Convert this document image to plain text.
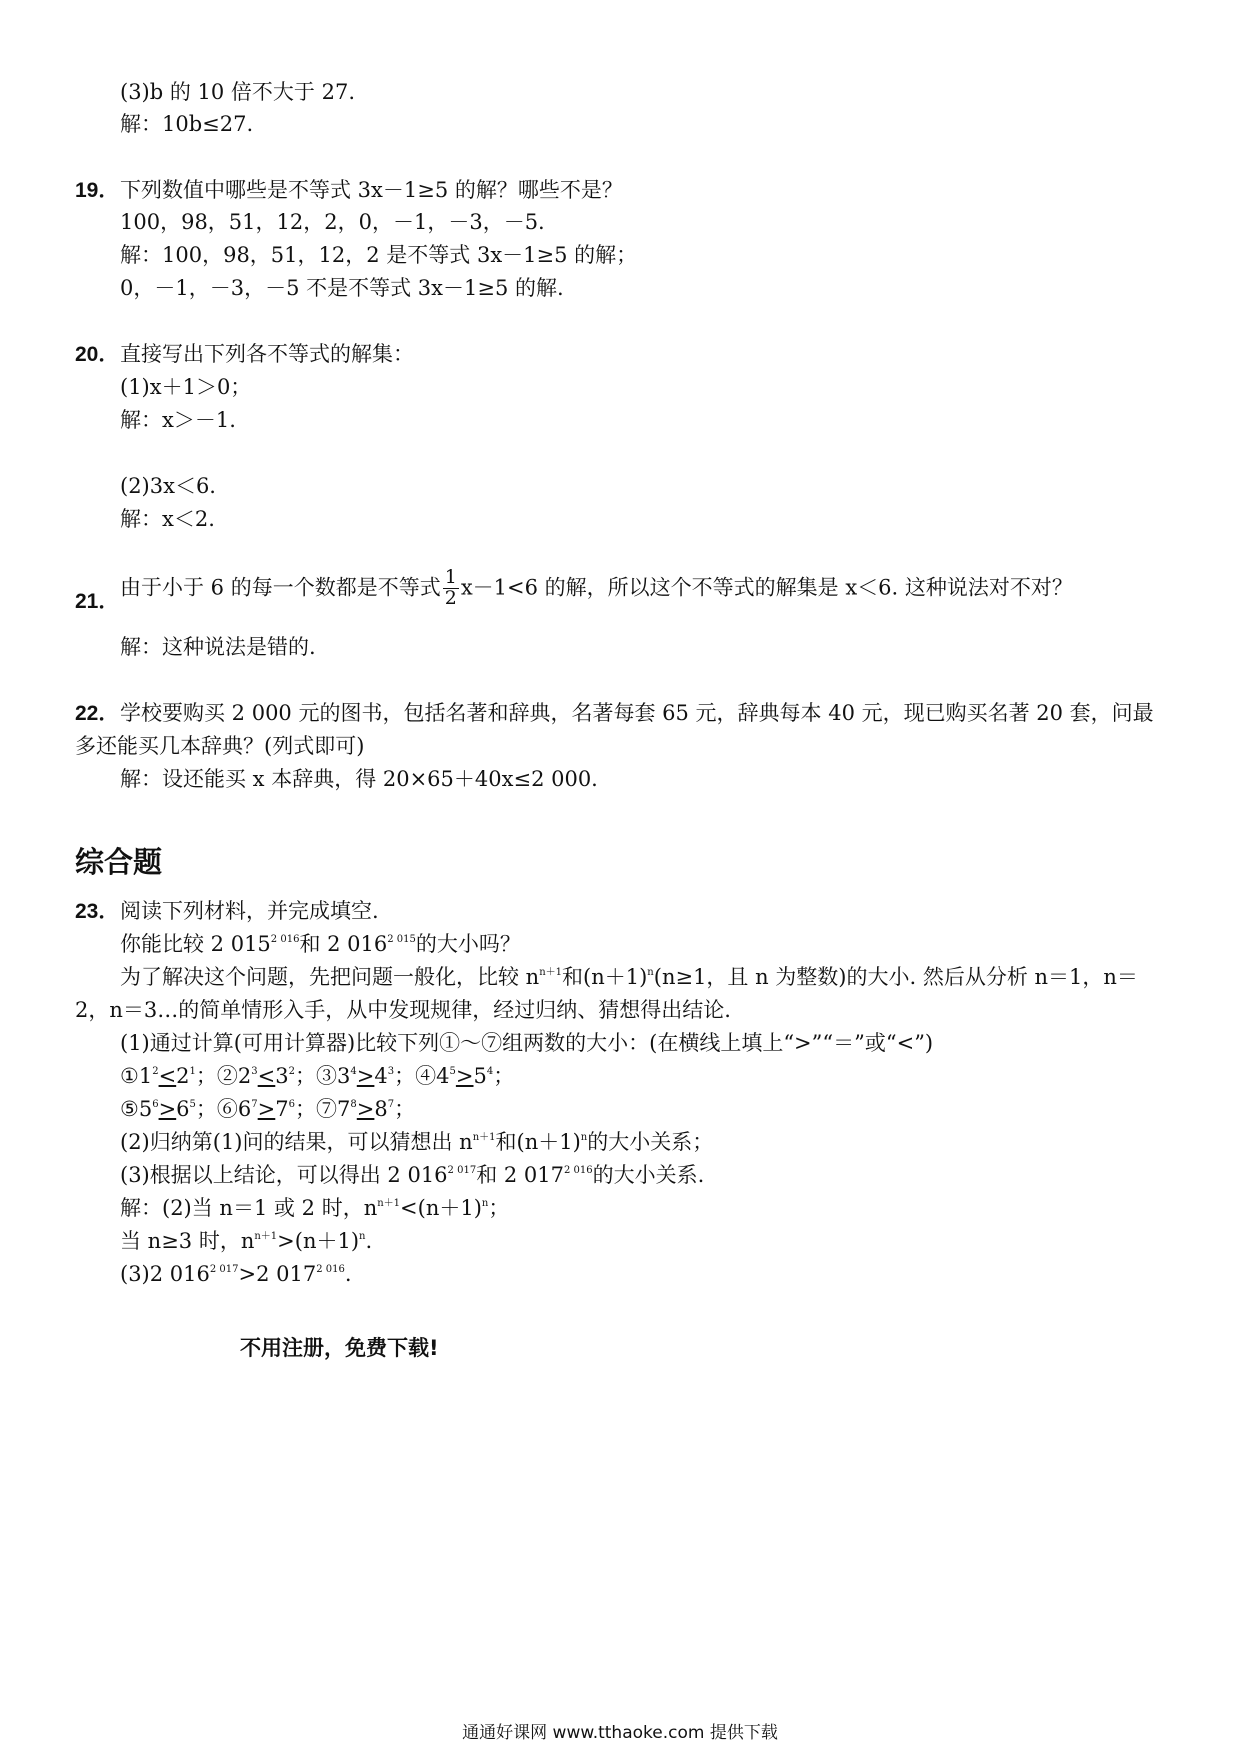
(3)b 的 10 倍不大于 27.
解：10b≤27.
19． 下列数值中哪些是不等式 3x－1≥5 的解？哪些不是？
100，98，51，12，2，0，－1，－3，－5.
解：100，98，51，12，2 是不等式 3x－1≥5 的解；
0，－1，－3，－5 不是不等式 3x－1≥5 的解.
20． 直接写出下列各不等式的解集：
(1)x＋1＞0；
解：x＞－1.
(2)3x＜6.
解：x＜2.
21．
由于小于 6 的每一个数都是不等式 $\frac{1}{2} x-1<6$ 的解，所以这个不等式的解集是 x＜6. 这种说法对不对？
解：这种说法是错的.
22． 学校要购买 2 000 元的图书，包括名著和辞典，名著每套 65 元，辞典每本 40 元，现已购买名著 20 套，问最
多还能买几本辞典？(列式即可)
解：设还能买 x 本辞典，得 20×65＋40x≤2 000.
综合题
23． 阅读下列材料，并完成填空.
你能比较 2 $015^{2 016}$和 2 $016^{2 015}$的大小吗？
为了解决这个问题，先把问题一般化，比较 $n^{n+1}$和$(n+1)^n(n\ge 1$，且 n 为整数)的大小. 然后从分析 n＝1，n＝
2，n＝3…的简单情形入手，从中发现规律，经过归纳、猜想得出结论.
(1)通过计算(可用计算器)比较下列①～⑦组两数的大小：(在横线上填上“>”“＝”或“<”)
$①1^2<2^1$；$②2^3<3^2$；$③3^4>4^3$；$④4^5>5^4$；
$⑤5^6>6^5$；$⑥6^7>7^6$；$⑦7^8>8^7$；
(2)归纳第(1)问的结果，可以猜想出 $n^{n+1}$和$(n+1)^n$的大小关系；
(3)根据以上结论，可以得出 2 $016^{2 017}$和 2 $017^{2 016}$的大小关系.
解：(2)当 n＝1 或 2 时，$n^{n+1}<(n+1)^n$；
当 n≥3 时，$n^{n+1}>(n+1)^n$.
(3)2 $016^{2 017}>2$ $017^{2 016}$.
不用注册，免费下载!
通通好课网 www.tthaoke.com 提供下载
